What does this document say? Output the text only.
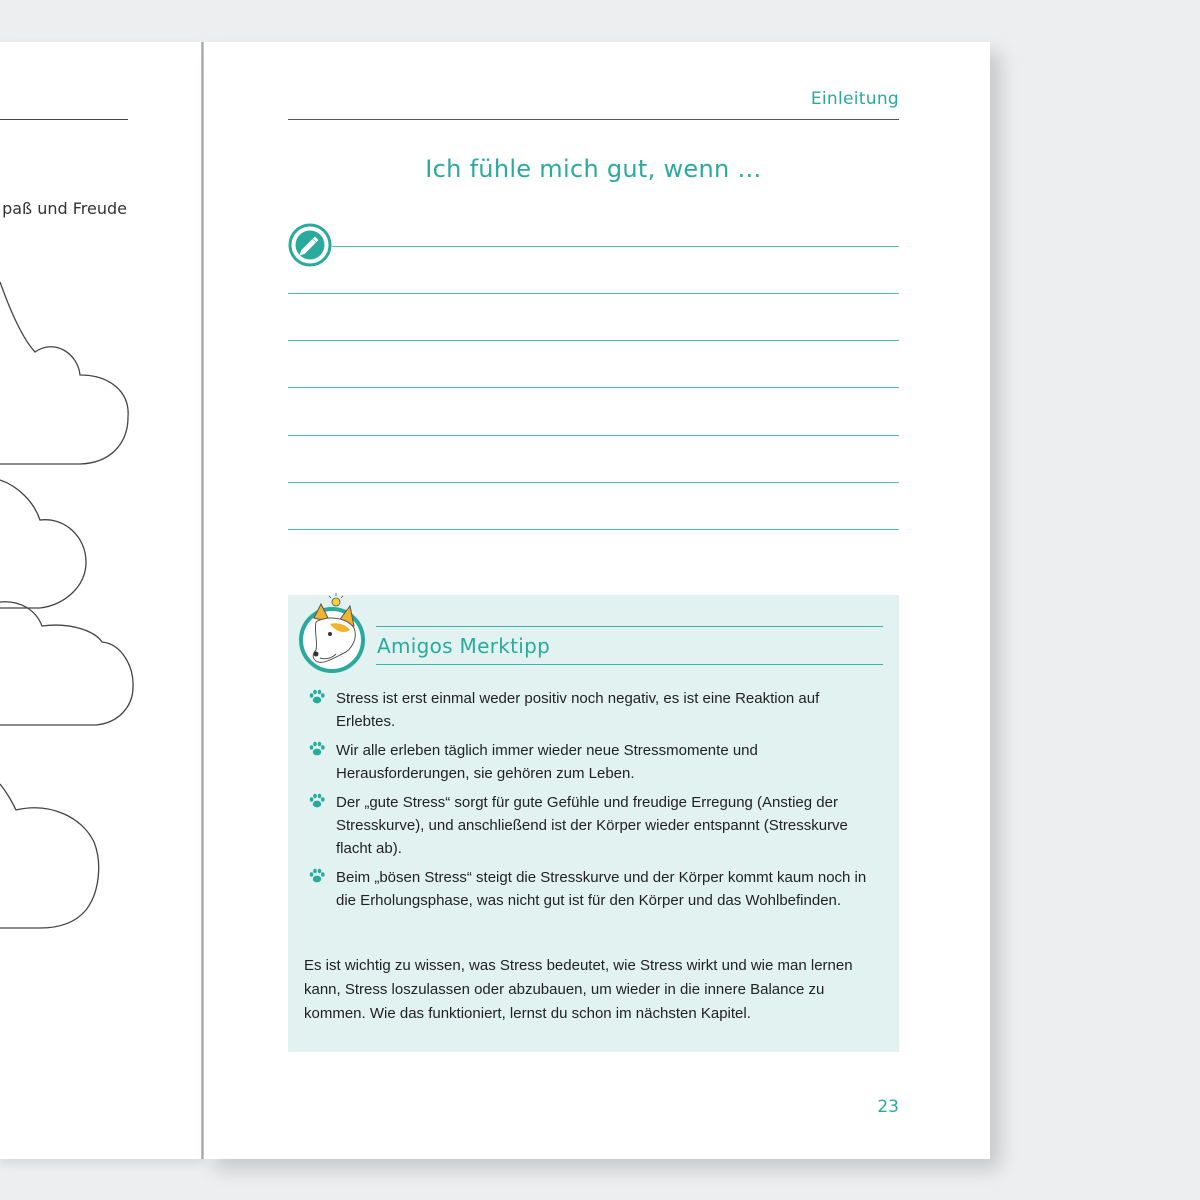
paß und Freude
Einleitung
Ich fühle mich gut, wenn …
Amigos Merktipp
Stress ist erst einmal weder positiv noch negativ, es ist eine Reaktion auf Erlebtes.
Wir alle erleben täglich immer wieder neue Stressmomente und Herausforderungen, sie gehören zum Leben.
Der „gute Stress“ sorgt für gute Gefühle und freudige Erregung (Anstieg der Stresskurve), und anschließend ist der Körper wieder entspannt (Stresskurve flacht ab).
Beim „bösen Stress“ steigt die Stresskurve und der Körper kommt kaum noch in die Erholungsphase, was nicht gut ist für den Körper und das Wohlbefinden.

Es ist wichtig zu wissen, was Stress bedeutet, wie Stress wirkt und wie man lernen kann, Stress loszulassen oder abzubauen, um wieder in die innere Balance zu kommen. Wie das funktioniert, lernst du schon im nächsten Kapitel.

23
